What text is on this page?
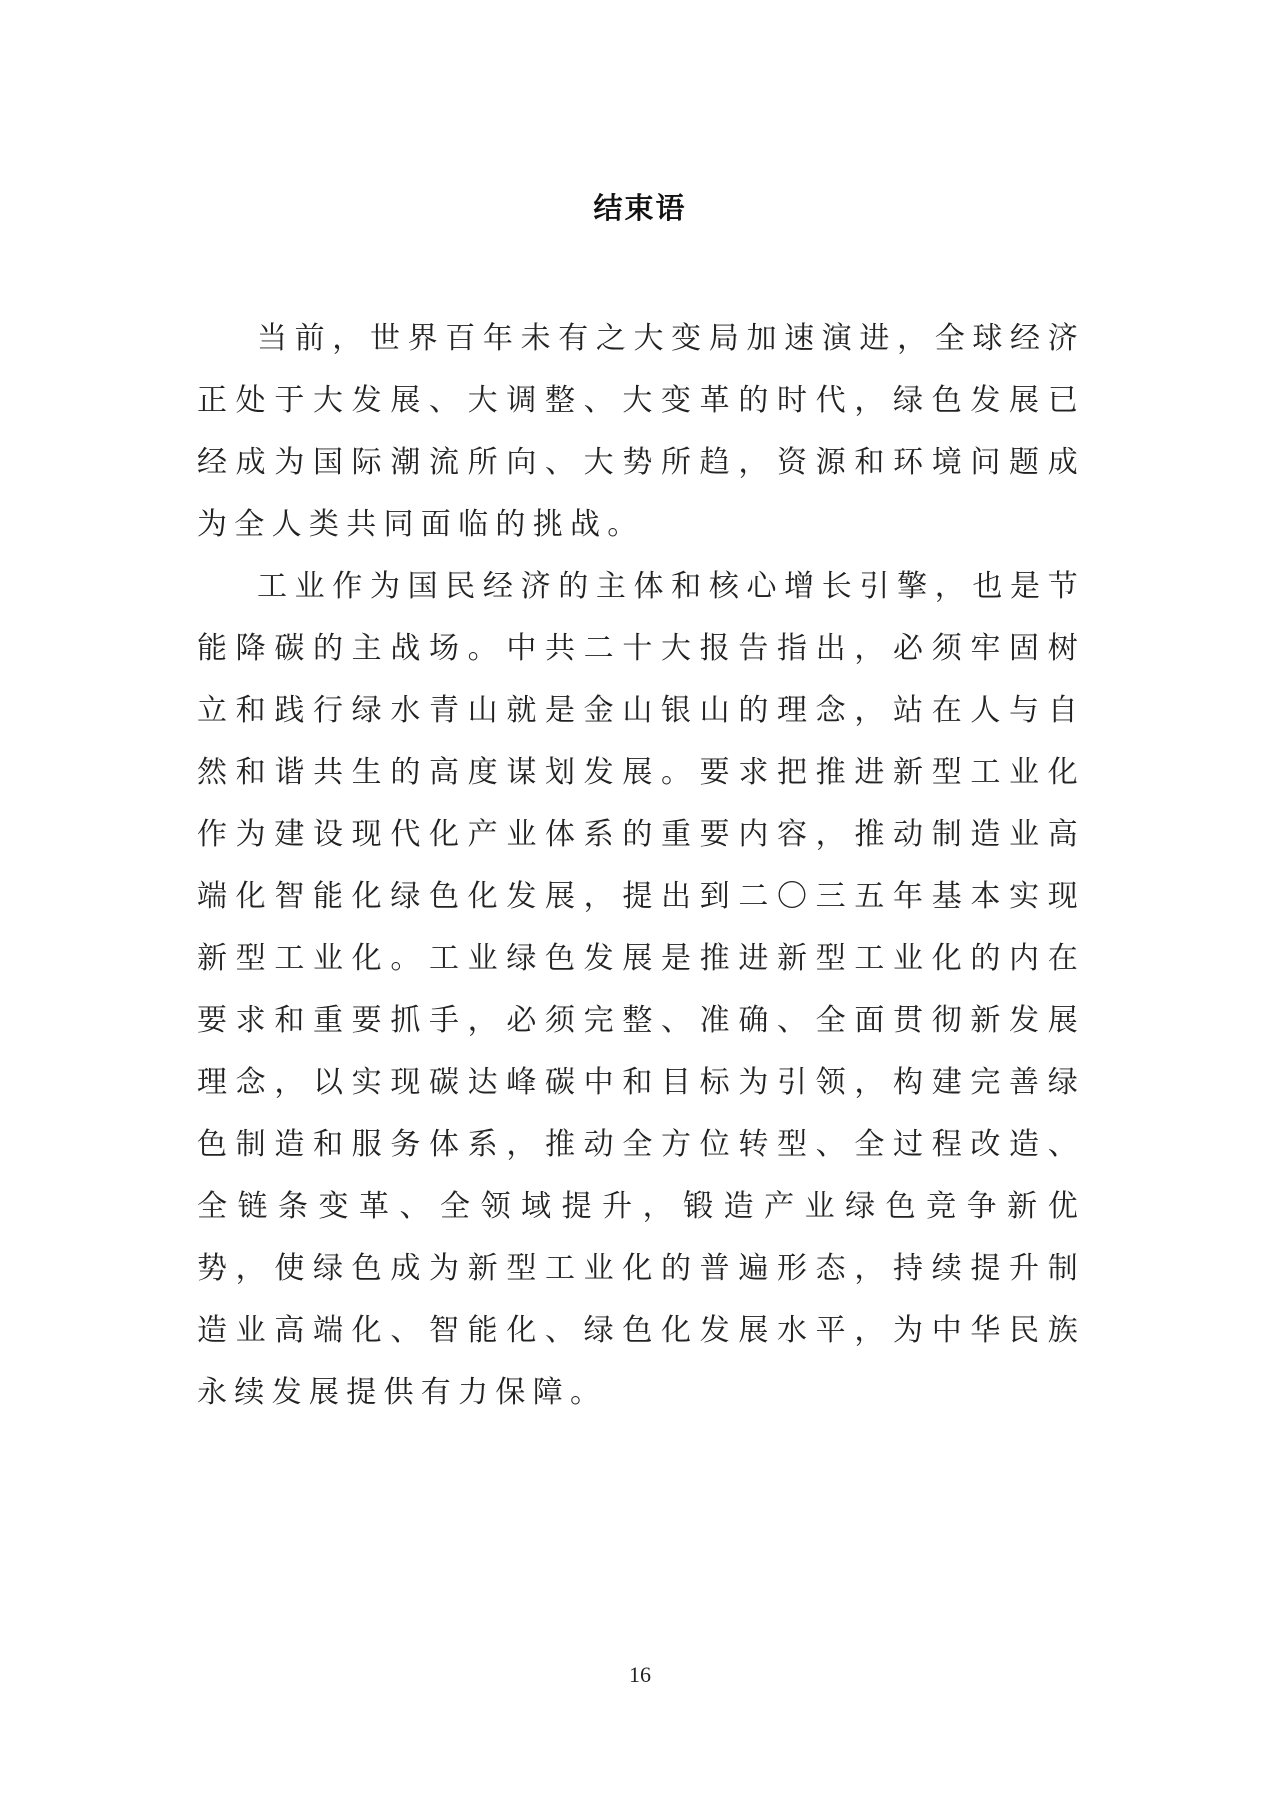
结束语

当前，世界百年未有之大变局加速演进，全球经济正处于大发展、大调整、大变革的时代，绿色发展已经成为国际潮流所向、大势所趋，资源和环境问题成为全人类共同面临的挑战。

工业作为国民经济的主体和核心增长引擎，也是节能降碳的主战场。中共二十大报告指出，必须牢固树立和践行绿水青山就是金山银山的理念，站在人与自然和谐共生的高度谋划发展。要求把推进新型工业化作为建设现代化产业体系的重要内容，推动制造业高端化智能化绿色化发展，提出到二〇三五年基本实现新型工业化。工业绿色发展是推进新型工业化的内在要求和重要抓手，必须完整、准确、全面贯彻新发展理念，以实现碳达峰碳中和目标为引领，构建完善绿色制造和服务体系，推动全方位转型、全过程改造、全链条变革、全领域提升，锻造产业绿色竞争新优势，使绿色成为新型工业化的普遍形态，持续提升制造业高端化、智能化、绿色化发展水平，为中华民族永续发展提供有力保障。

16
